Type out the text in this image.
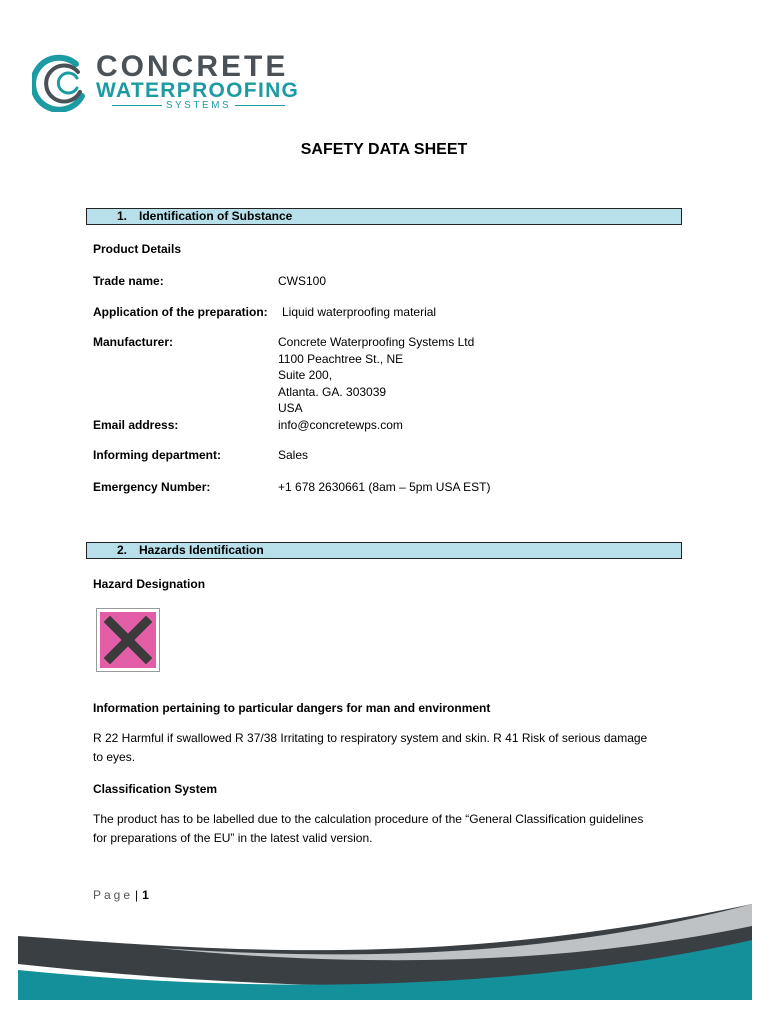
CONCRETE
WATERPROOFING
SYSTEMS
SAFETY DATA SHEET
1. Identification of Substance
Product Details
Trade name:	CWS100
Application of the preparation: Liquid waterproofing material
Manufacturer:	Concrete Waterproofing Systems Ltd
1100 Peachtree St., NE
Suite 200,
Atlanta. GA. 303039
USA
Email address:	info@concretewps.com
Informing department:	Sales
Emergency Number:	+1 678 2630661 (8am – 5pm USA EST)
2. Hazards Identification
Hazard Designation
Information pertaining to particular dangers for man and environment
R 22 Harmful if swallowed R 37/38 Irritating to respiratory system and skin. R 41 Risk of serious damage to eyes.
Classification System
The product has to be labelled due to the calculation procedure of the “General Classification guidelines for preparations of the EU” in the latest valid version.
Page | 1
